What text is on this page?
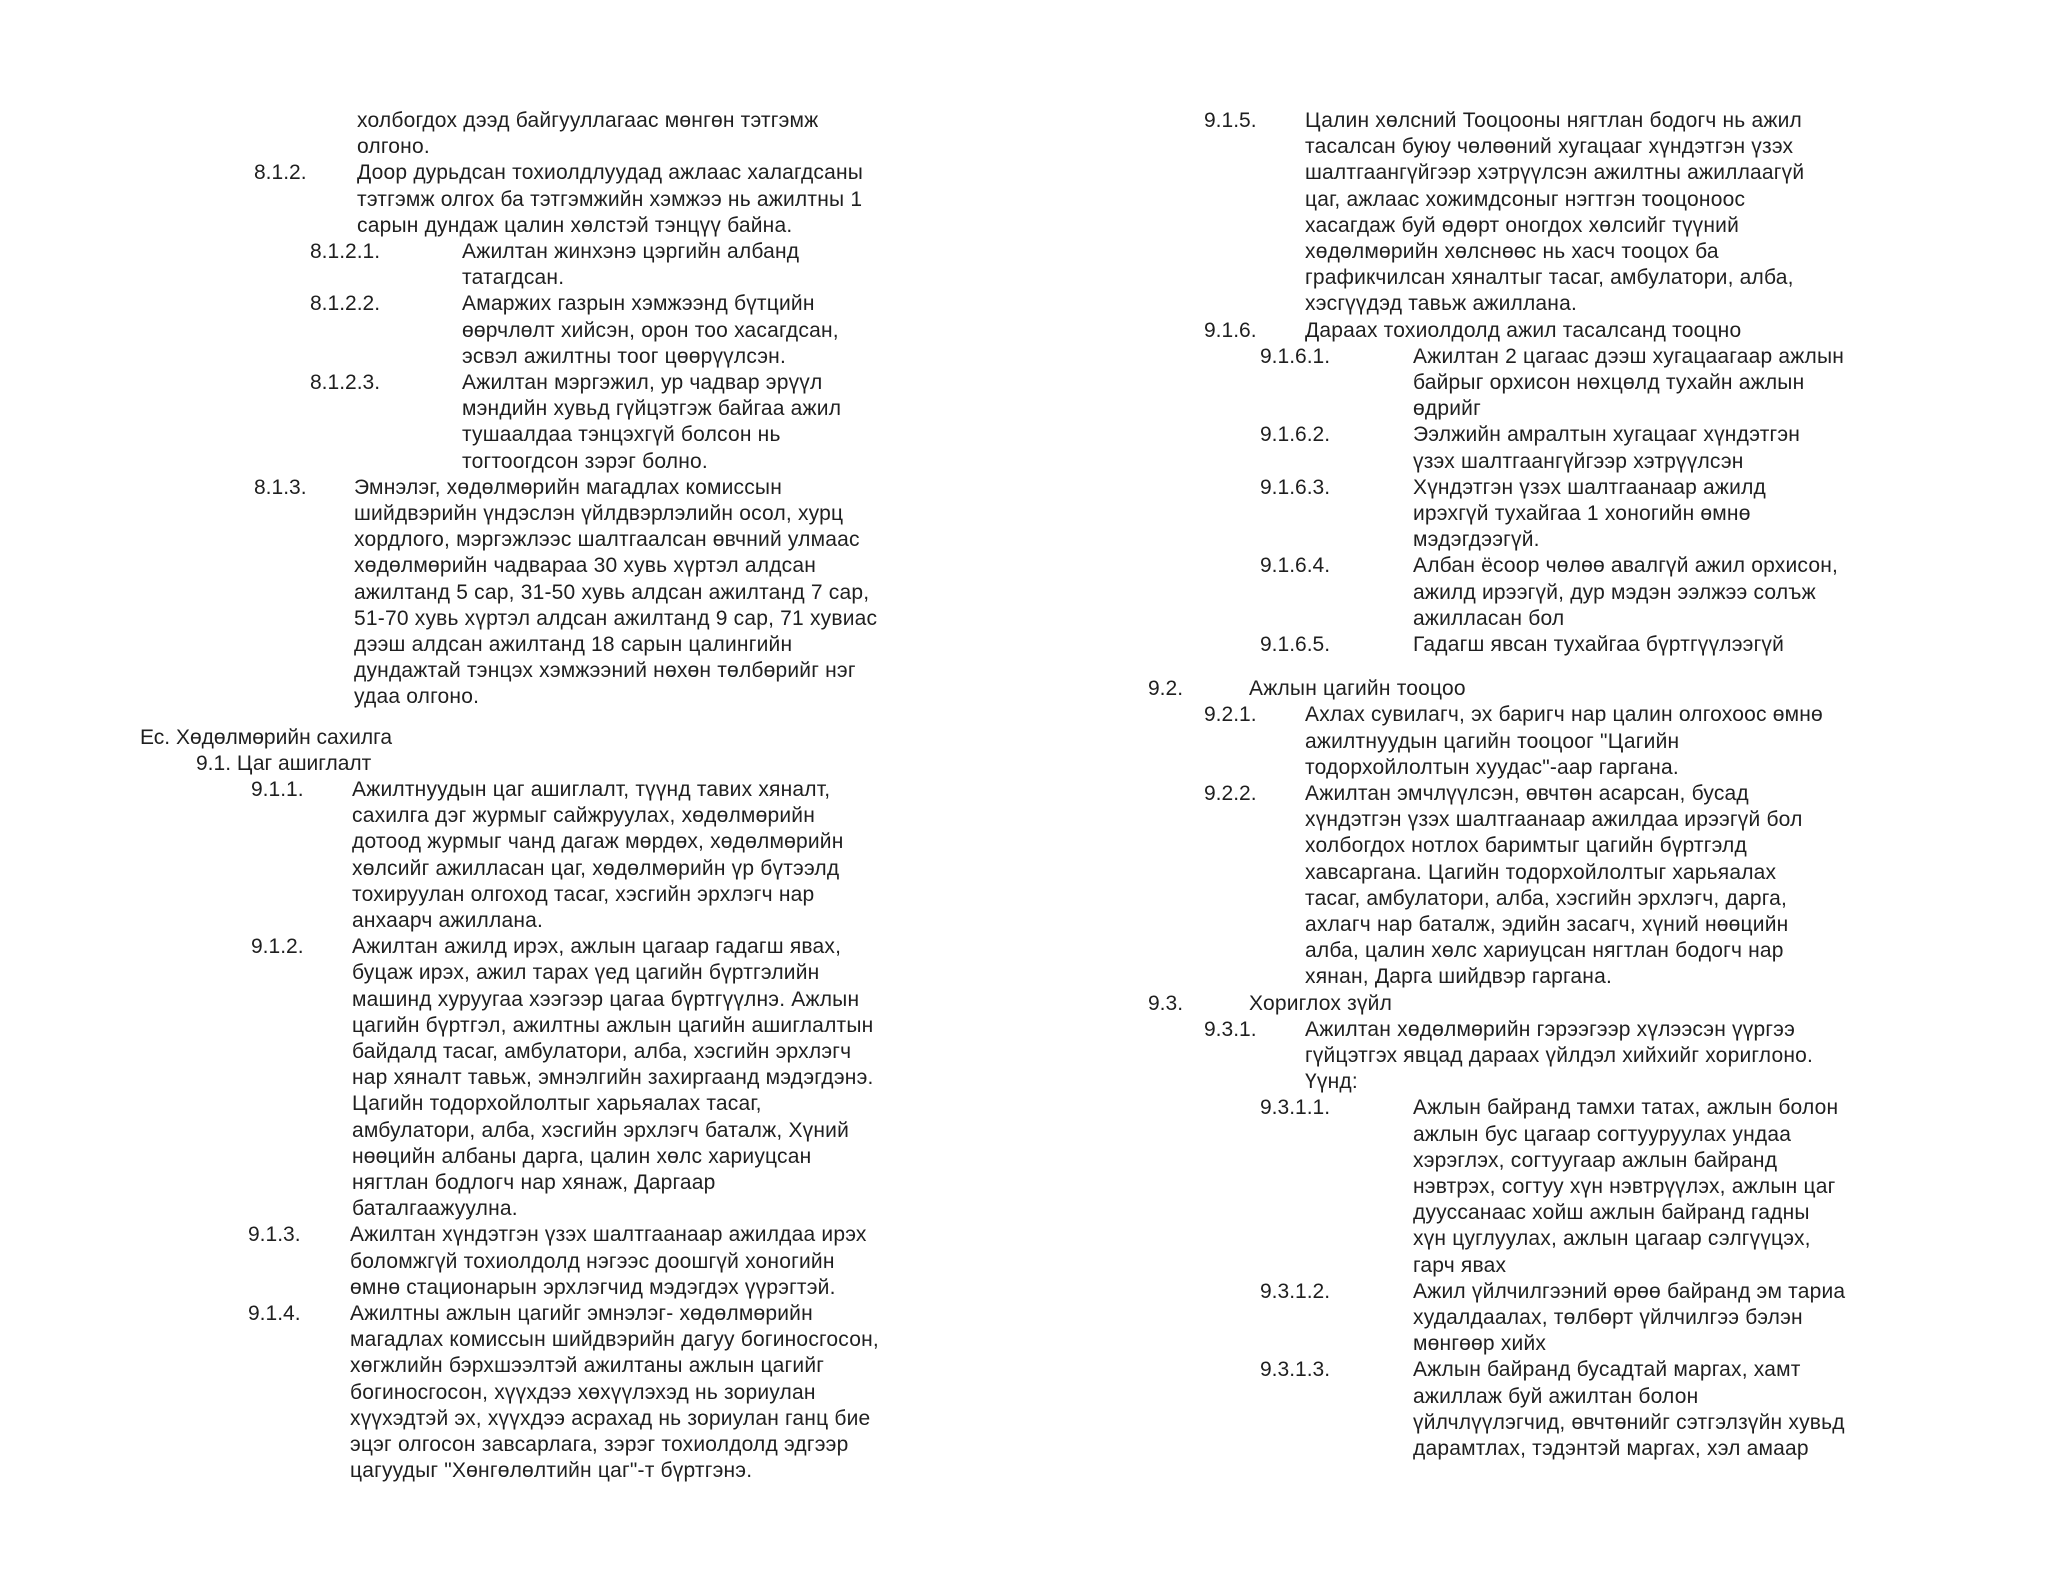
холбогдох дээд байгууллагаас мөнгөн тэтгэмж
олгоно.
8.1.2. Доор дурьдсан тохиолдлуудад ажлаас халагдсаны
тэтгэмж олгох ба тэтгэмжийн хэмжээ нь ажилтны 1
сарын дундаж цалин хөлстэй тэнцүү байна.
8.1.2.1.	Ажилтан жинхэнэ цэргийн албанд
татагдсан.
8.1.2.2.	Амаржих газрын хэмжээнд бүтцийн
өөрчлөлт хийсэн, орон тоо хасагдсан,
эсвэл ажилтны тоог цөөрүүлсэн.
8.1.2.3.	Ажилтан мэргэжил, ур чадвар эрүүл
мэндийн хувьд гүйцэтгэж байгаа ажил
тушаалдаа тэнцэхгүй болсон нь
тогтоогдсон зэрэг болно.
8.1.3. Эмнэлэг, хөдөлмөрийн магадлах комиссын
шийдвэрийн үндэслэн үйлдвэрлэлийн осол, хурц
хордлого, мэргэжлээс шалтгаалсан өвчний улмаас
хөдөлмөрийн чадвараа 30 хувь хүртэл алдсан
ажилтанд 5 сар, 31-50 хувь алдсан ажилтанд 7 сар,
51-70 хувь хүртэл алдсан ажилтанд 9 сар, 71 хувиас
дээш алдсан ажилтанд 18 сарын цалингийн
дундажтай тэнцэх хэмжээний нөхөн төлбөрийг нэг
удаа олгоно.
Ес. Хөдөлмөрийн сахилга
9.1. Цаг ашиглалт
9.1.1. Ажилтнуудын цаг ашиглалт, түүнд тавих хяналт,
сахилга дэг журмыг сайжруулах, хөдөлмөрийн
дотоод журмыг чанд дагаж мөрдөх, хөдөлмөрийн
хөлсийг ажилласан цаг, хөдөлмөрийн үр бүтээлд
тохируулан олгоход тасаг, хэсгийн эрхлэгч нар
анхаарч ажиллана.
9.1.2. Ажилтан ажилд ирэх, ажлын цагаар гадагш явах,
буцаж ирэх, ажил тарах үед цагийн бүртгэлийн
машинд хуруугаа хээгээр цагаа бүртгүүлнэ. Ажлын
цагийн бүртгэл, ажилтны ажлын цагийн ашиглалтын
байдалд тасаг, амбулатори, алба, хэсгийн эрхлэгч
нар хяналт тавьж, эмнэлгийн захиргаанд мэдэгдэнэ.
Цагийн тодорхойлолтыг харьяалах тасаг,
амбулатори, алба, хэсгийн эрхлэгч баталж, Хүний
нөөцийн албаны дарга, цалин хөлс хариуцсан
нягтлан бодлогч нар хянаж, Даргаар
баталгаажуулна.
9.1.3. Ажилтан хүндэтгэн үзэх шалтгаанаар ажилдаа ирэх
боломжгүй тохиолдолд нэгээс доошгүй хоногийн
өмнө стационарын эрхлэгчид мэдэгдэх үүрэгтэй.
9.1.4. Ажилтны ажлын цагийг эмнэлэг- хөдөлмөрийн
магадлах комиссын шийдвэрийн дагуу богиносгосон,
хөгжлийн бэрхшээлтэй ажилтаны ажлын цагийг
богиносгосон, хүүхдээ хөхүүлэхэд нь зориулан
хүүхэдтэй эх, хүүхдээ асрахад нь зориулан ганц бие
эцэг олгосон завсарлага, зэрэг тохиолдолд эдгээр
цагуудыг "Хөнгөлөлтийн цаг"-т бүртгэнэ.
9.1.5. Цалин хөлсний Тооцооны нягтлан бодогч нь ажил
тасалсан буюу чөлөөний хугацааг хүндэтгэн үзэх
шалтгаангүйгээр хэтрүүлсэн ажилтны ажиллаагүй
цаг, ажлаас хожимдсоныг нэгтгэн тооцоноос
хасагдаж буй өдөрт оногдох хөлсийг түүний
хөдөлмөрийн хөлснөөс нь хасч тооцох ба
графикчилсан хяналтыг тасаг, амбулатори, алба,
хэсгүүдэд тавьж ажиллана.
9.1.6. Дараах тохиолдолд ажил тасалсанд тооцно
9.1.6.1.	Ажилтан 2 цагаас дээш хугацаагаар ажлын
байрыг орхисон нөхцөлд тухайн ажлын
өдрийг
9.1.6.2.	Ээлжийн амралтын хугацааг хүндэтгэн
үзэх шалтгаангүйгээр хэтрүүлсэн
9.1.6.3.	Хүндэтгэн үзэх шалтгаанаар ажилд
ирэхгүй тухайгаа 1 хоногийн өмнө
мэдэгдээгүй.
9.1.6.4.	Албан ёсоор чөлөө авалгүй ажил орхисон,
ажилд ирээгүй, дур мэдэн ээлжээ солъж
ажилласан бол
9.1.6.5.	Гадагш явсан тухайгаа бүртгүүлээгүй
9.2.	Ажлын цагийн тооцоо
9.2.1. Ахлах сувилагч, эх баригч нар цалин олгохоос өмнө
ажилтнуудын цагийн тооцоог "Цагийн
тодорхойлолтын хуудас"-аар гаргана.
9.2.2. Ажилтан эмчлүүлсэн, өвчтөн асарсан, бусад
хүндэтгэн үзэх шалтгаанаар ажилдаа ирээгүй бол
холбогдох нотлох баримтыг цагийн бүртгэлд
хавсаргана. Цагийн тодорхойлолтыг харьяалах
тасаг, амбулатори, алба, хэсгийн эрхлэгч, дарга,
ахлагч нар баталж, эдийн засагч, хүний нөөцийн
алба, цалин хөлс хариуцсан нягтлан бодогч нар
хянан, Дарга шийдвэр гаргана.
9.3.	Хориглох зүйл
9.3.1. Ажилтан хөдөлмөрийн гэрээгээр хүлээсэн үүргээ
гүйцэтгэх явцад дараах үйлдэл хийхийг хориглоно.
Үүнд:
9.3.1.1.	Ажлын байранд тамхи татах, ажлын болон
ажлын бус цагаар согтууруулах ундаа
хэрэглэх, согтуугаар ажлын байранд
нэвтрэх, согтуу хүн нэвтрүүлэх, ажлын цаг
дууссанаас хойш ажлын байранд гадны
хүн цуглуулах, ажлын цагаар сэлгүүцэх,
гарч явах
9.3.1.2.	Ажил үйлчилгээний өрөө байранд эм тариа
худалдаалах, төлбөрт үйлчилгээ бэлэн
мөнгөөр хийх
9.3.1.3.	Ажлын байранд бусадтай маргах, хамт
ажиллаж буй ажилтан болон
үйлчлүүлэгчид, өвчтөнийг сэтгэлзүйн хувьд
дарамтлах, тэдэнтэй маргах, хэл амаар
